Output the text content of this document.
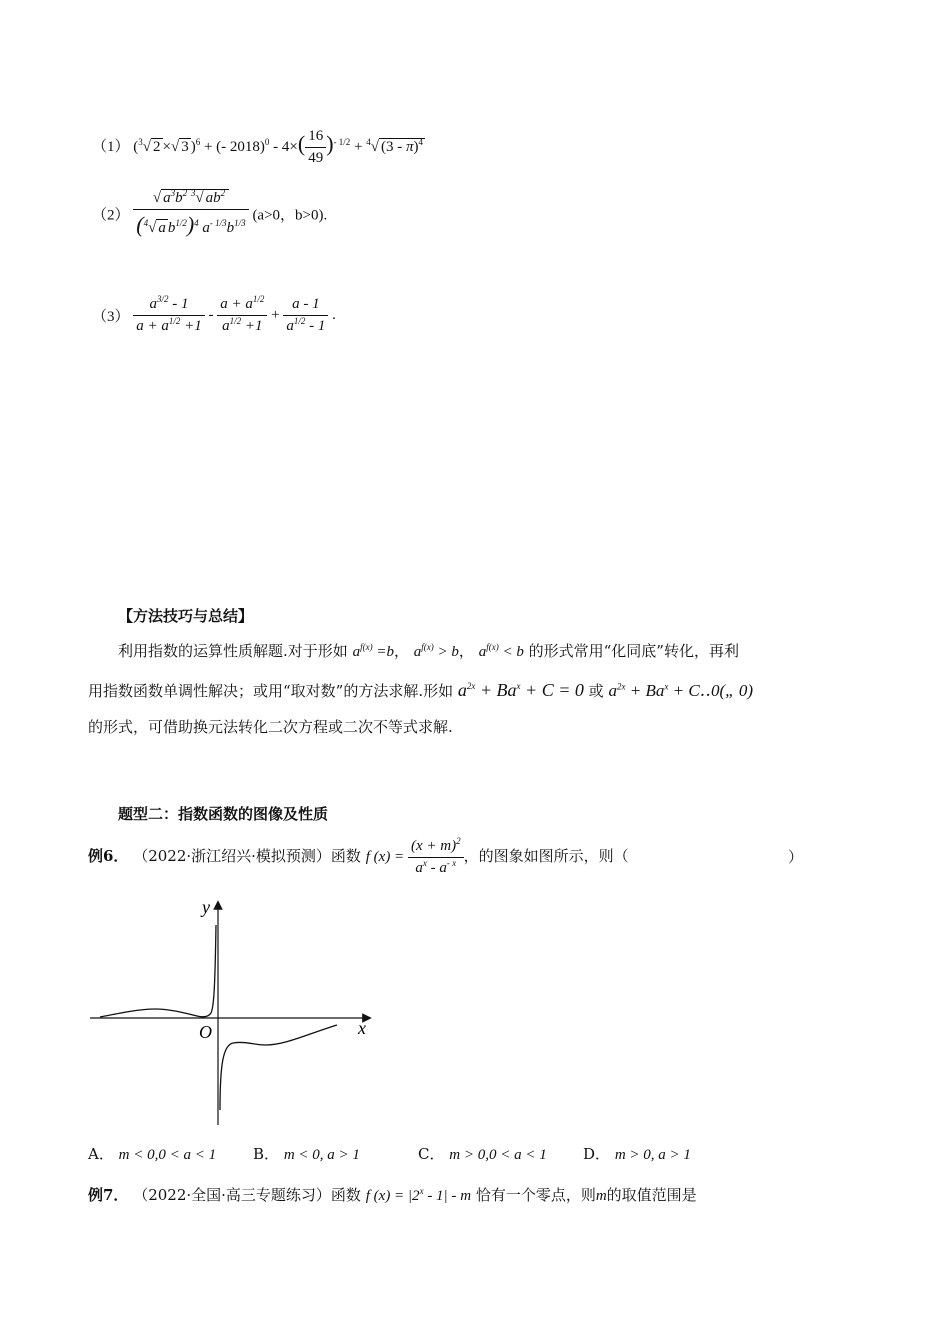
（1） ($^3$√ 2 ×√ 3 )$^6$ + (- $2018)^0 - 4\times( \frac{16}{49} )^{- 1/2} + ^4√$ (3 - π)$^4$
$(2) \frac{√ a^3b^2 ^3√ ab^2}{(^4√ a b^{1/2})^4 a^{- 1/3}b^{1/3}} (a>0$，b>0).
$(3) \frac{a^{3/2} - 1}{a + a^{1/2} +1} - \frac{a + a^{1/2}}{a^{1/2} +1} + \frac{a - 1}{a^{1/2} - 1}$ .
【方法技巧与总结】
利用指数的运算性质解题.对于形如 $a^{f(x)} =b$， $a^{f(x)} > b$， $a^{f(x)} < b$ 的形式常用“化同底”转化，再利
用指数函数单调性解决；或用“取对数”的方法求解.形如 $a^{2x} + Ba^x + C = 0$ 或 $a^{2x} + Ba^x$ + C‥0(„ 0)
的形式，可借助换元法转化二次方程或二次不等式求解.
题型二：指数函数的图像及性质
例6． （2022·浙江绍兴·模拟预测）函数 f $(x) = \frac{(x + m)^2}{a^x - a^{- x}}$ ，的图象如图所示，则（	）
y
x
O
A． m < 0,0 < a < 1 B． m < 0, a > 1	C． m > 0,0 < a < 1 D． m > 0, a > 1
例7． （2022·全国·高三专题练习）函数 f $(x) = |2^x - 1| - m$ 恰有一个零点，则m的取值范围是
